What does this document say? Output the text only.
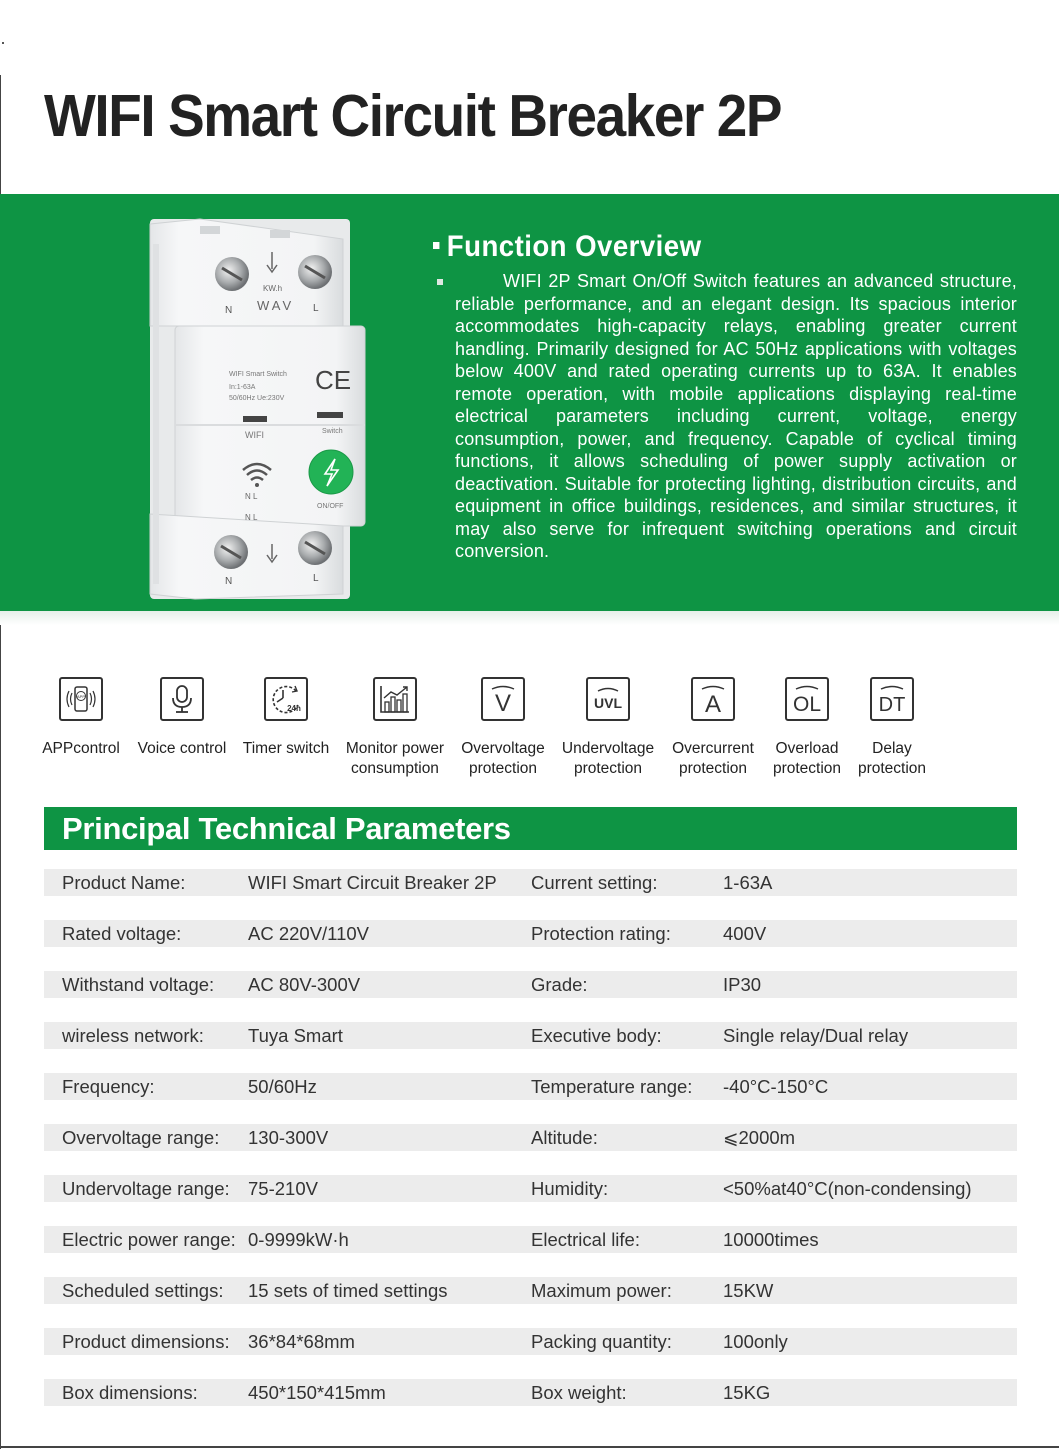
WIFI Smart Circuit Breaker 2P
KW.h
WAV
N	L
WIFI Smart Switch
In:1-63A
50/60Hz Ue:230V
CE
WIFI	Switch
N L
N L
ON/OFF
N	L
Function Overview

WIFI 2P Smart On/Off Switch features an advanced structure, reliable performance, and an elegant design. Its spacious interior accommodates high-capacity relays, enabling greater current handling. Primarily designed for AC 50Hz applications with voltages below 400V and rated operating currents up to 63A. It enables remote operation, with mobile applications displaying real-time electrical parameters including current, voltage, energy consumption, power, and frequency. Capable of cyclical timing functions, it allows scheduling of power supply activation or deactivation. Suitable for protecting lighting, distribution circuits, and equipment in office buildings, residences, and similar structures, it may also serve for infrequent switching operations and circuit conversion.

APP
APPcontrol	Voice control
24h
Timer switch Monitor power
consumption
V
Overvoltage
protection
UVL
Undervoltage
protection
A
Overcurrent
protection
OL
Overload
protection
DT
Delay
protection
Principal Technical Parameters
Product Name:	WIFI Smart Circuit Breaker 2P Current setting:	1-63A
Rated voltage:	AC 220V/110V	Protection rating:	400V
Withstand voltage: AC 80V-300V	Grade:	IP30
wireless network: Tuya Smart	Executive body:	Single relay/Dual relay
Frequency:	50/60Hz	Temperature range: -40°C-150°C
Overvoltage range: 130-300V	Altitude:	⩽2000m
Undervoltage range: 75-210V	Humidity:	<50%at40°C(non-condensing)
Electric power range: 0-9999kW·h	Electrical life:	10000times
Scheduled settings: 15 sets of timed settings	Maximum power:	15KW
Product dimensions: 36*84*68mm	Packing quantity:	100only
Box dimensions:	450*150*415mm	Box weight:	15KG
